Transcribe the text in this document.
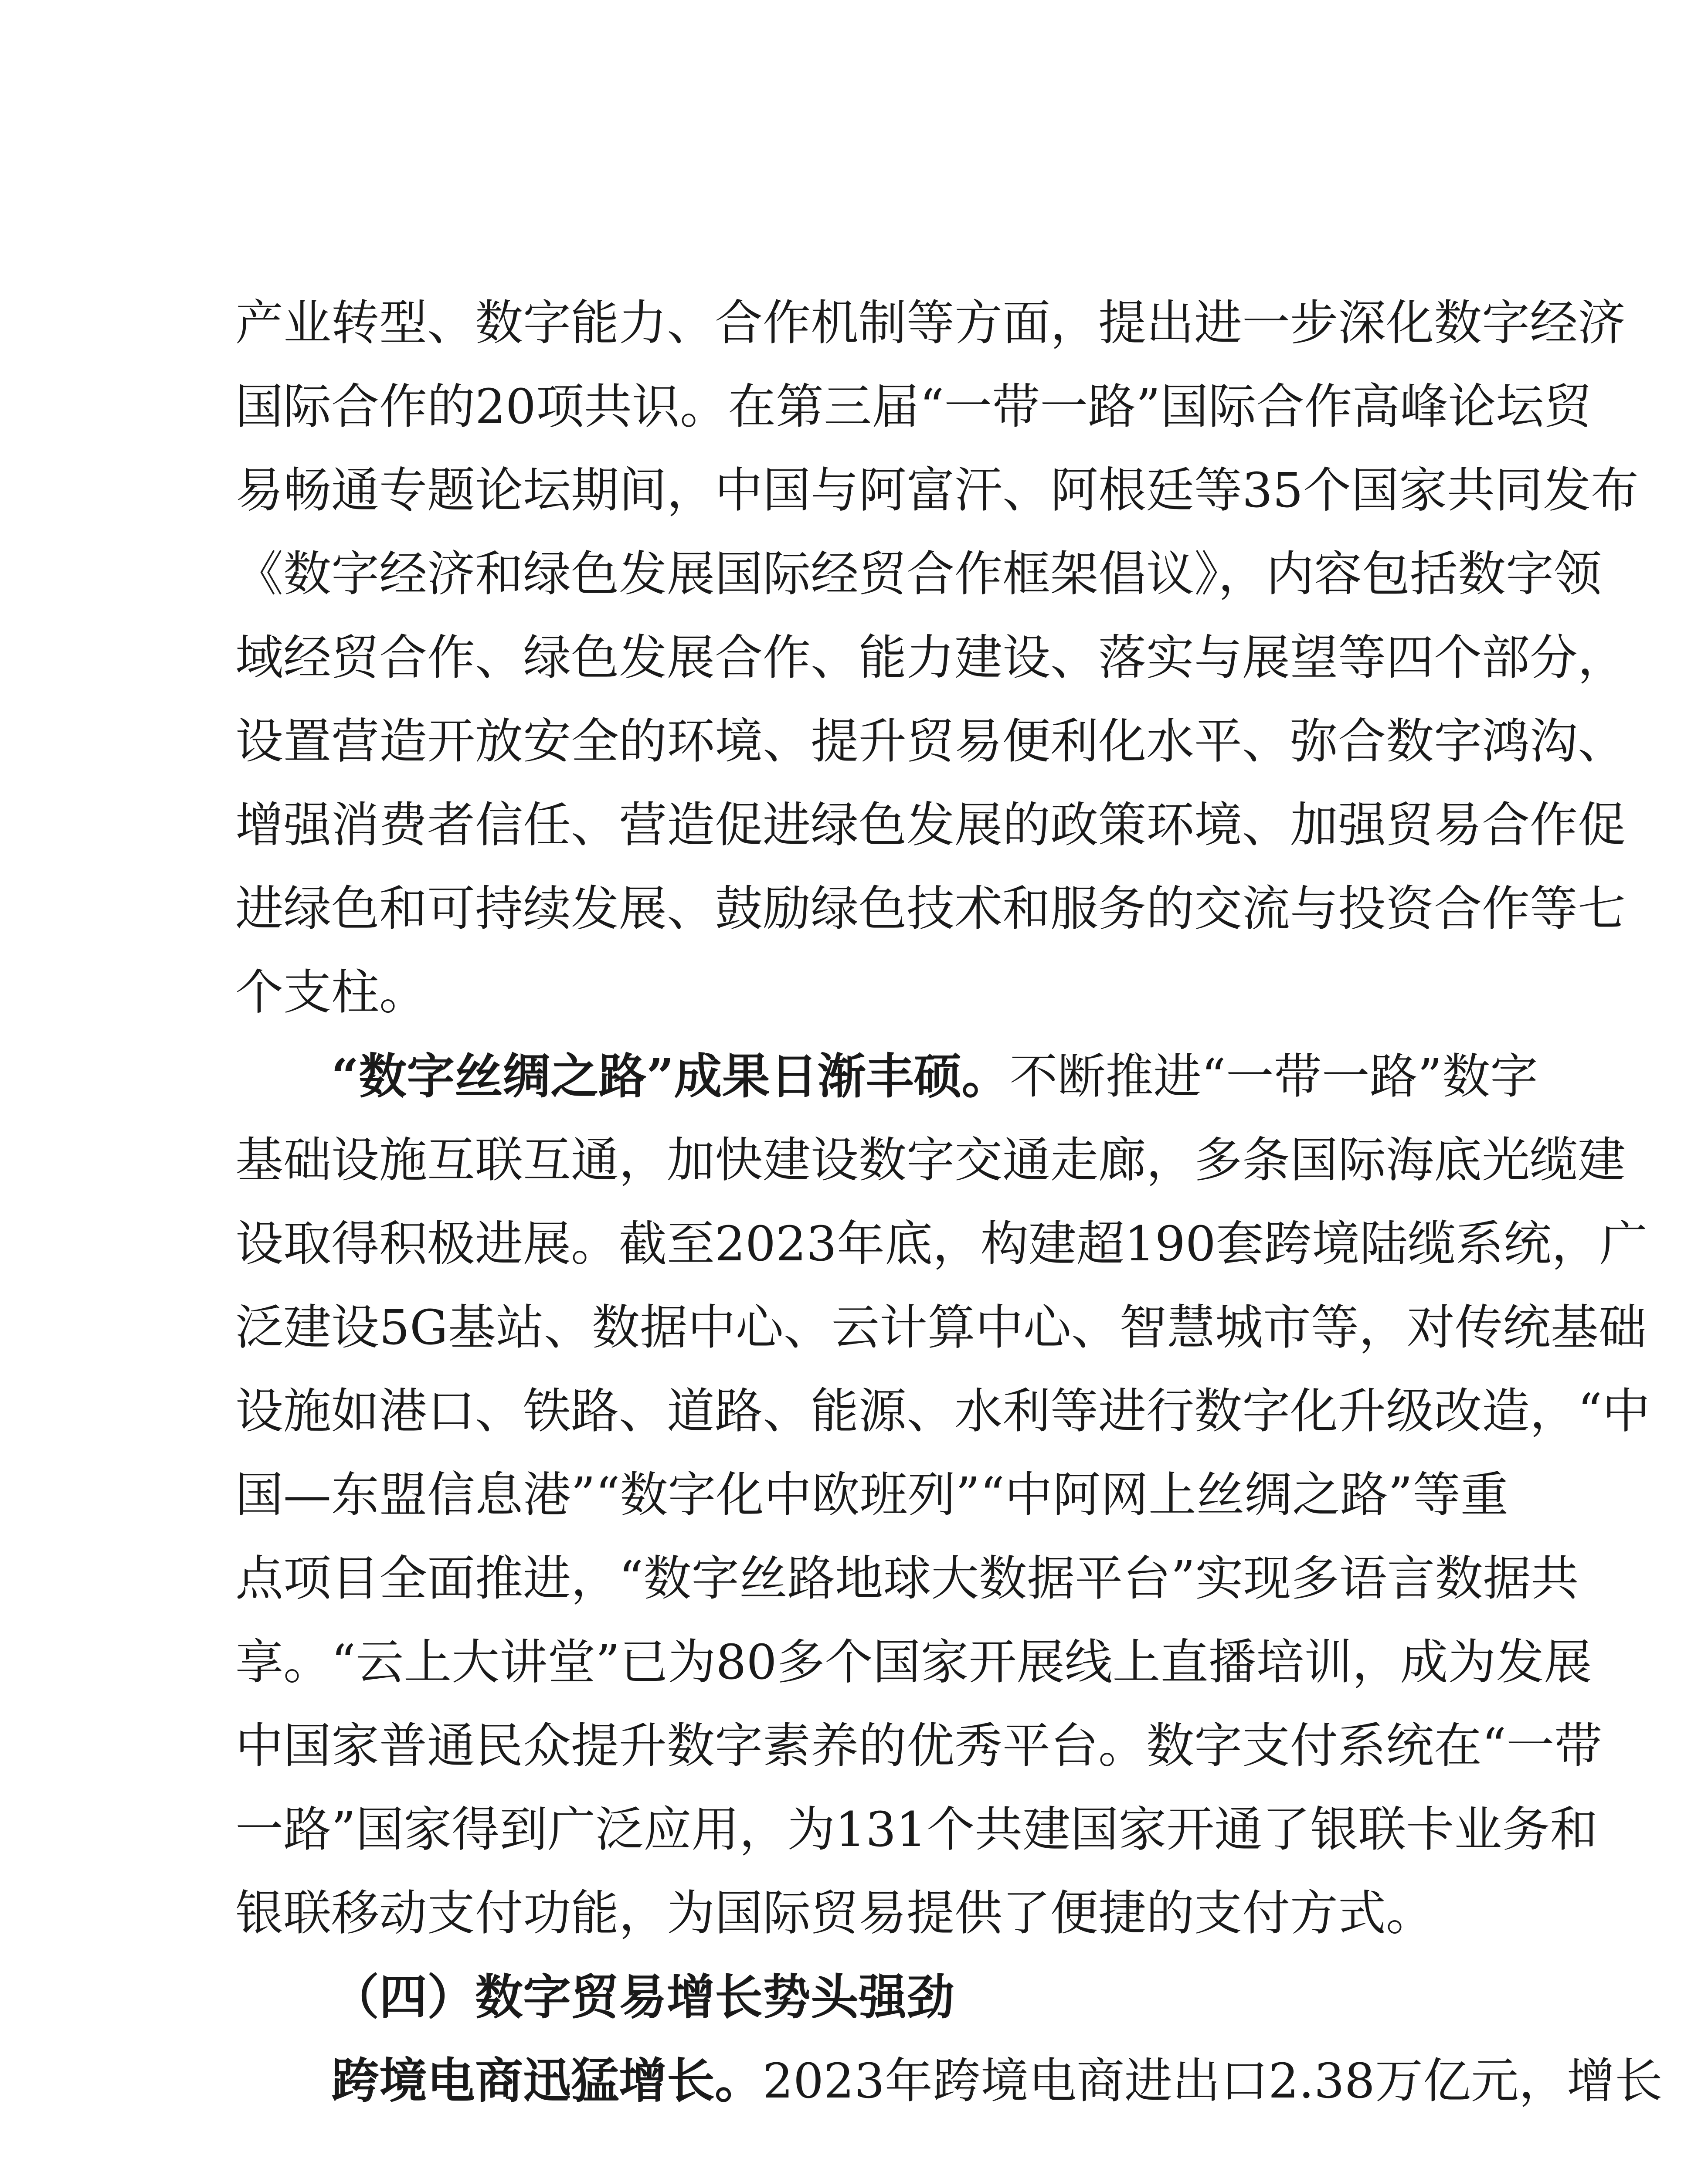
产业转型、数字能力、合作机制等方面，提出进一步深化数字经济
国际合作的20项共识。在第三届“一带一路”国际合作高峰论坛贸
易畅通专题论坛期间，中国与阿富汗、阿根廷等35个国家共同发布
《数字经济和绿色发展国际经贸合作框架倡议》，内容包括数字领
域经贸合作、绿色发展合作、能力建设、落实与展望等四个部分，
设置营造开放安全的环境、提升贸易便利化水平、弥合数字鸿沟、
增强消费者信任、营造促进绿色发展的政策环境、加强贸易合作促
进绿色和可持续发展、鼓励绿色技术和服务的交流与投资合作等七
个支柱。
“数字丝绸之路”成果日渐丰硕。不断推进“一带一路”数字
基础设施互联互通，加快建设数字交通走廊，多条国际海底光缆建
设取得积极进展。截至2023年底，构建超190套跨境陆缆系统，广
泛建设5G基站、数据中心、云计算中心、智慧城市等，对传统基础
设施如港口、铁路、道路、能源、水利等进行数字化升级改造，“中
国—东盟信息港”“数字化中欧班列”“中阿网上丝绸之路”等重
点项目全面推进，“数字丝路地球大数据平台”实现多语言数据共
享。“云上大讲堂”已为80多个国家开展线上直播培训，成为发展
中国家普通民众提升数字素养的优秀平台。数字支付系统在“一带
一路”国家得到广泛应用，为131个共建国家开通了银联卡业务和
银联移动支付功能，为国际贸易提供了便捷的支付方式。
（四）数字贸易增长势头强劲
跨境电商迅猛增长。2023年跨境电商进出口2.38万亿元，增长
